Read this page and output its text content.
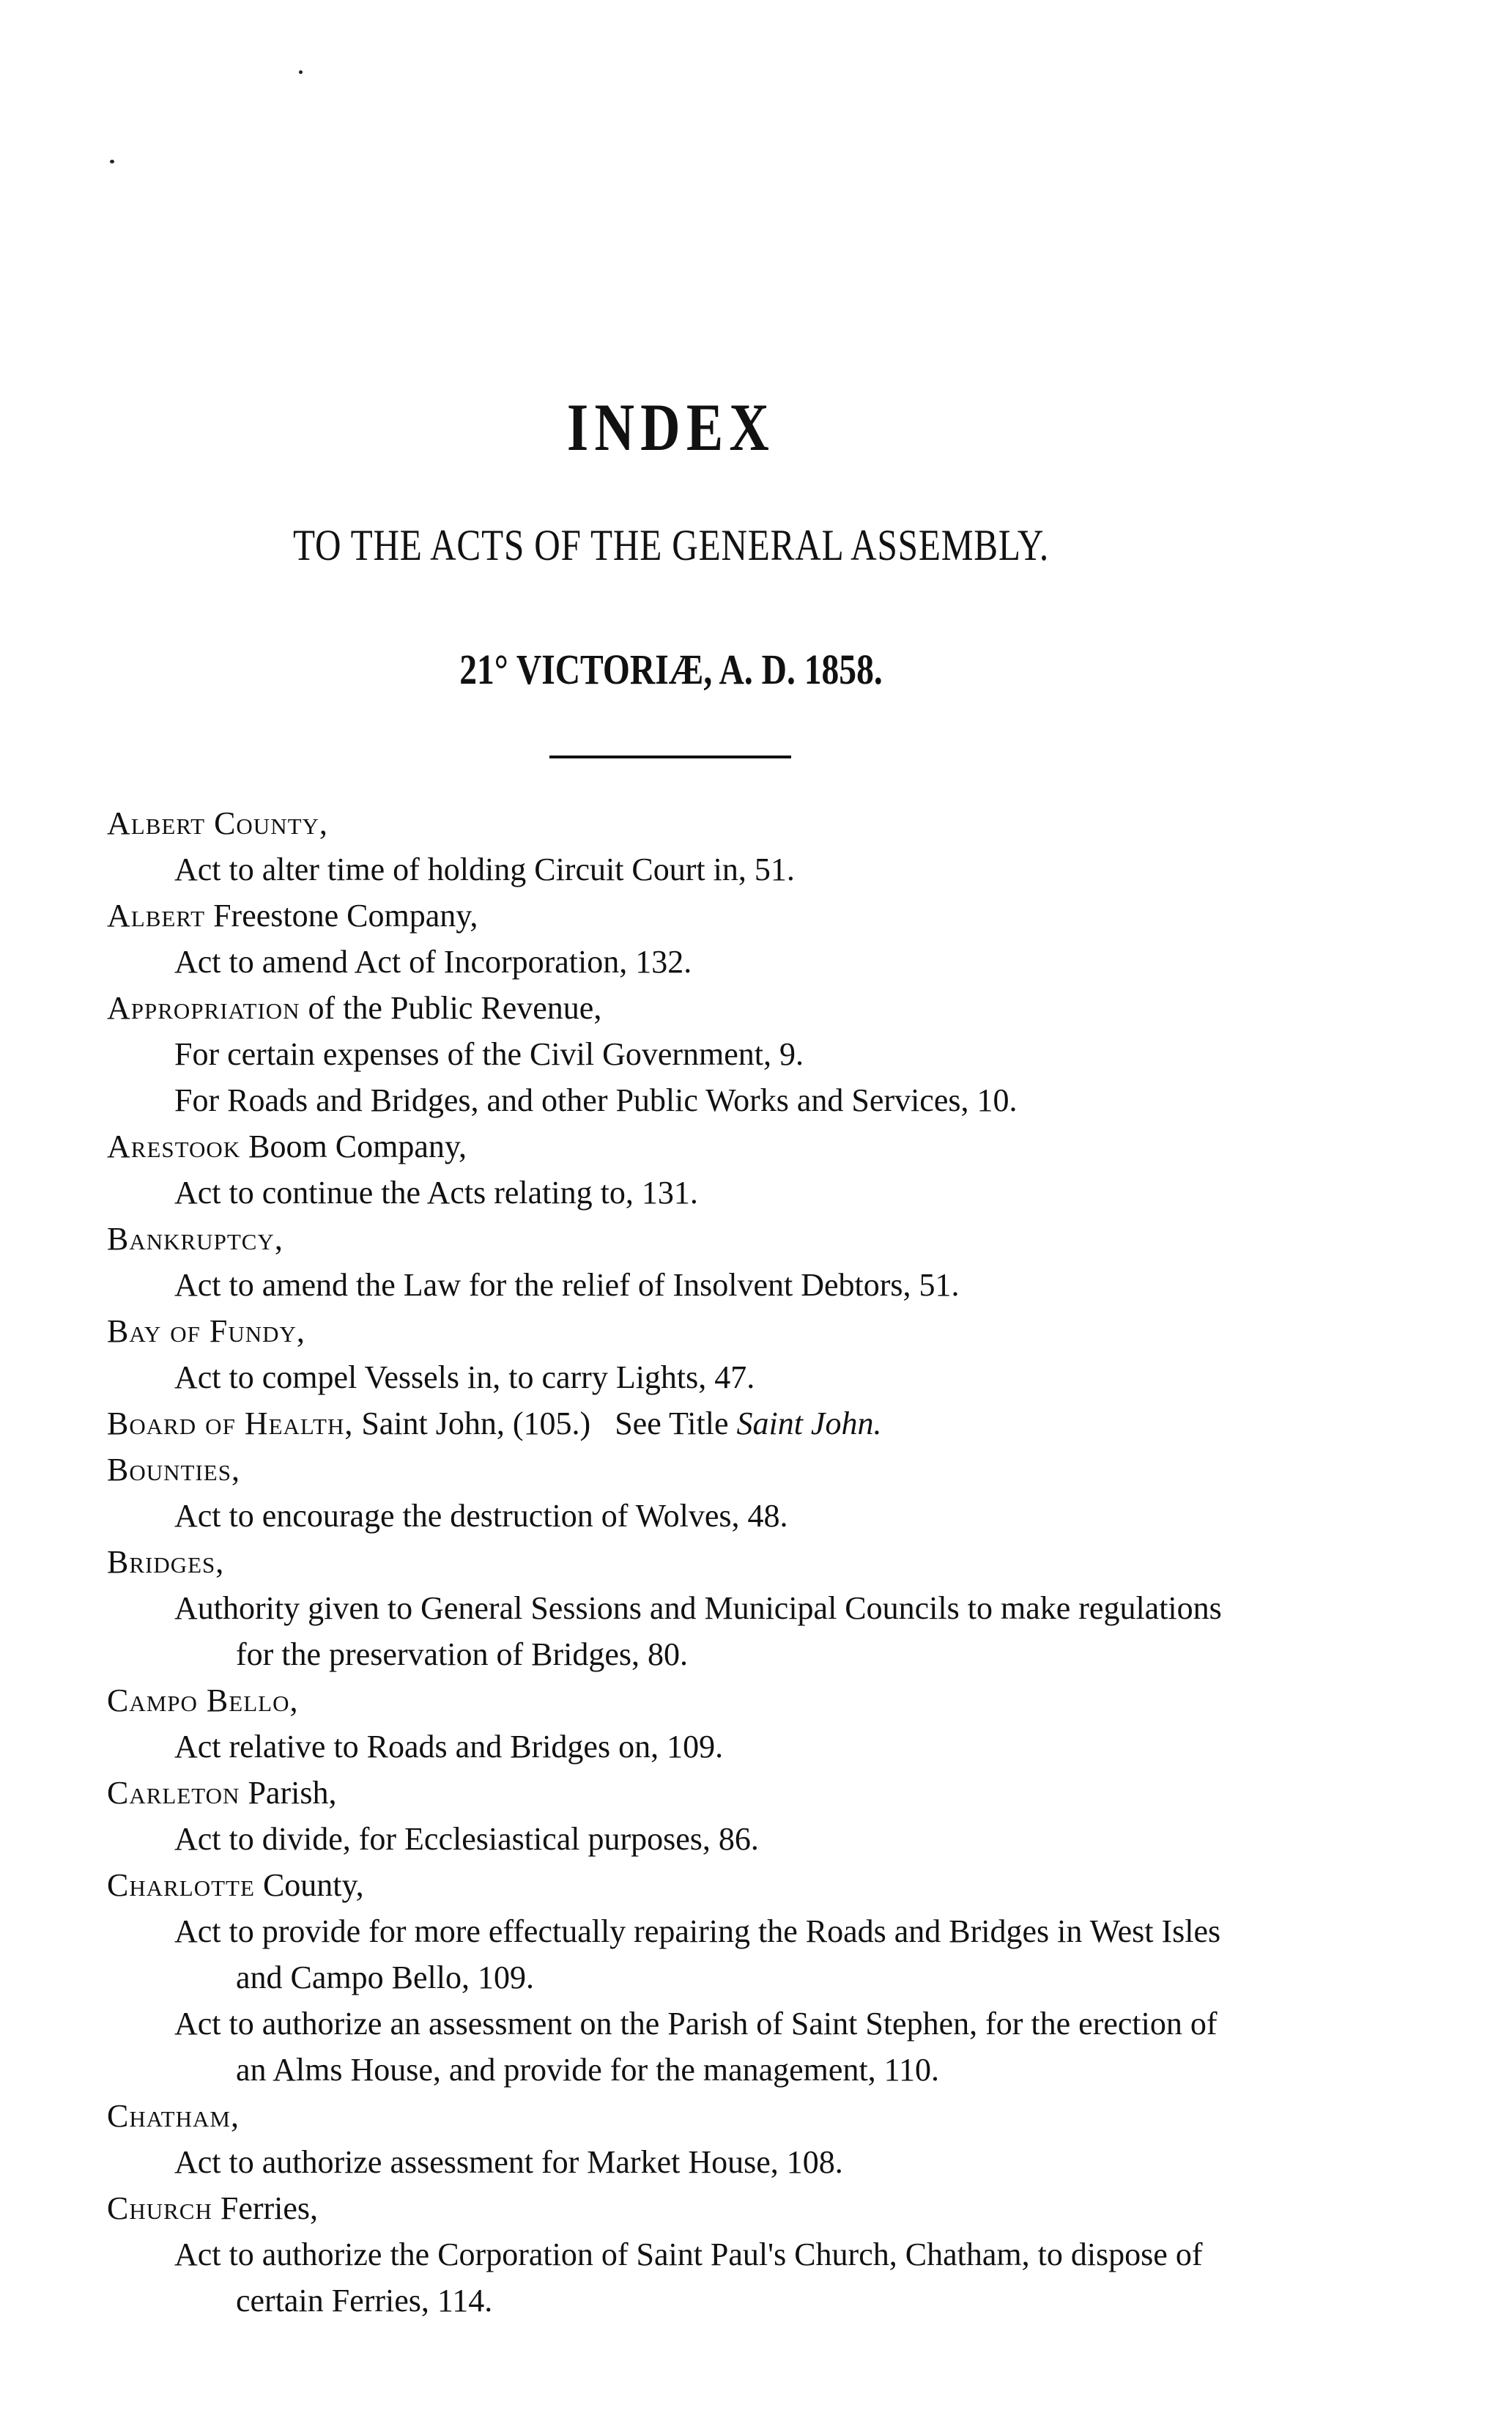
INDEX
TO THE ACTS OF THE GENERAL ASSEMBLY.
21° VICTORIÆ, A. D. 1858.

Albert County,

Act to alter time of holding Circuit Court in, 51.

Albert Freestone Company,

Act to amend Act of Incorporation, 132.

Appropriation of the Public Revenue,

For certain expenses of the Civil Government, 9.

For Roads and Bridges, and other Public Works and Services, 10.

Arestook Boom Company,

Act to continue the Acts relating to, 131.

Bankruptcy,

Act to amend the Law for the relief of Insolvent Debtors, 51.

Bay of Fundy,

Act to compel Vessels in, to carry Lights, 47.

Board of Health, Saint John, (105.)   See Title Saint John.

Bounties,

Act to encourage the destruction of Wolves, 48.

Bridges,

Authority given to General Sessions and Municipal Councils to make regulations for the preservation of Bridges, 80.

Campo Bello,

Act relative to Roads and Bridges on, 109.

Carleton Parish,

Act to divide, for Ecclesiastical purposes, 86.

Charlotte County,

Act to provide for more effectually repairing the Roads and Bridges in West Isles and Campo Bello, 109.

Act to authorize an assessment on the Parish of Saint Stephen, for the erection of an Alms House, and provide for the management, 110.

Chatham,

Act to authorize assessment for Market House, 108.

Church Ferries,

Act to authorize the Corporation of Saint Paul's Church, Chatham, to dispose of certain Ferries, 114.
